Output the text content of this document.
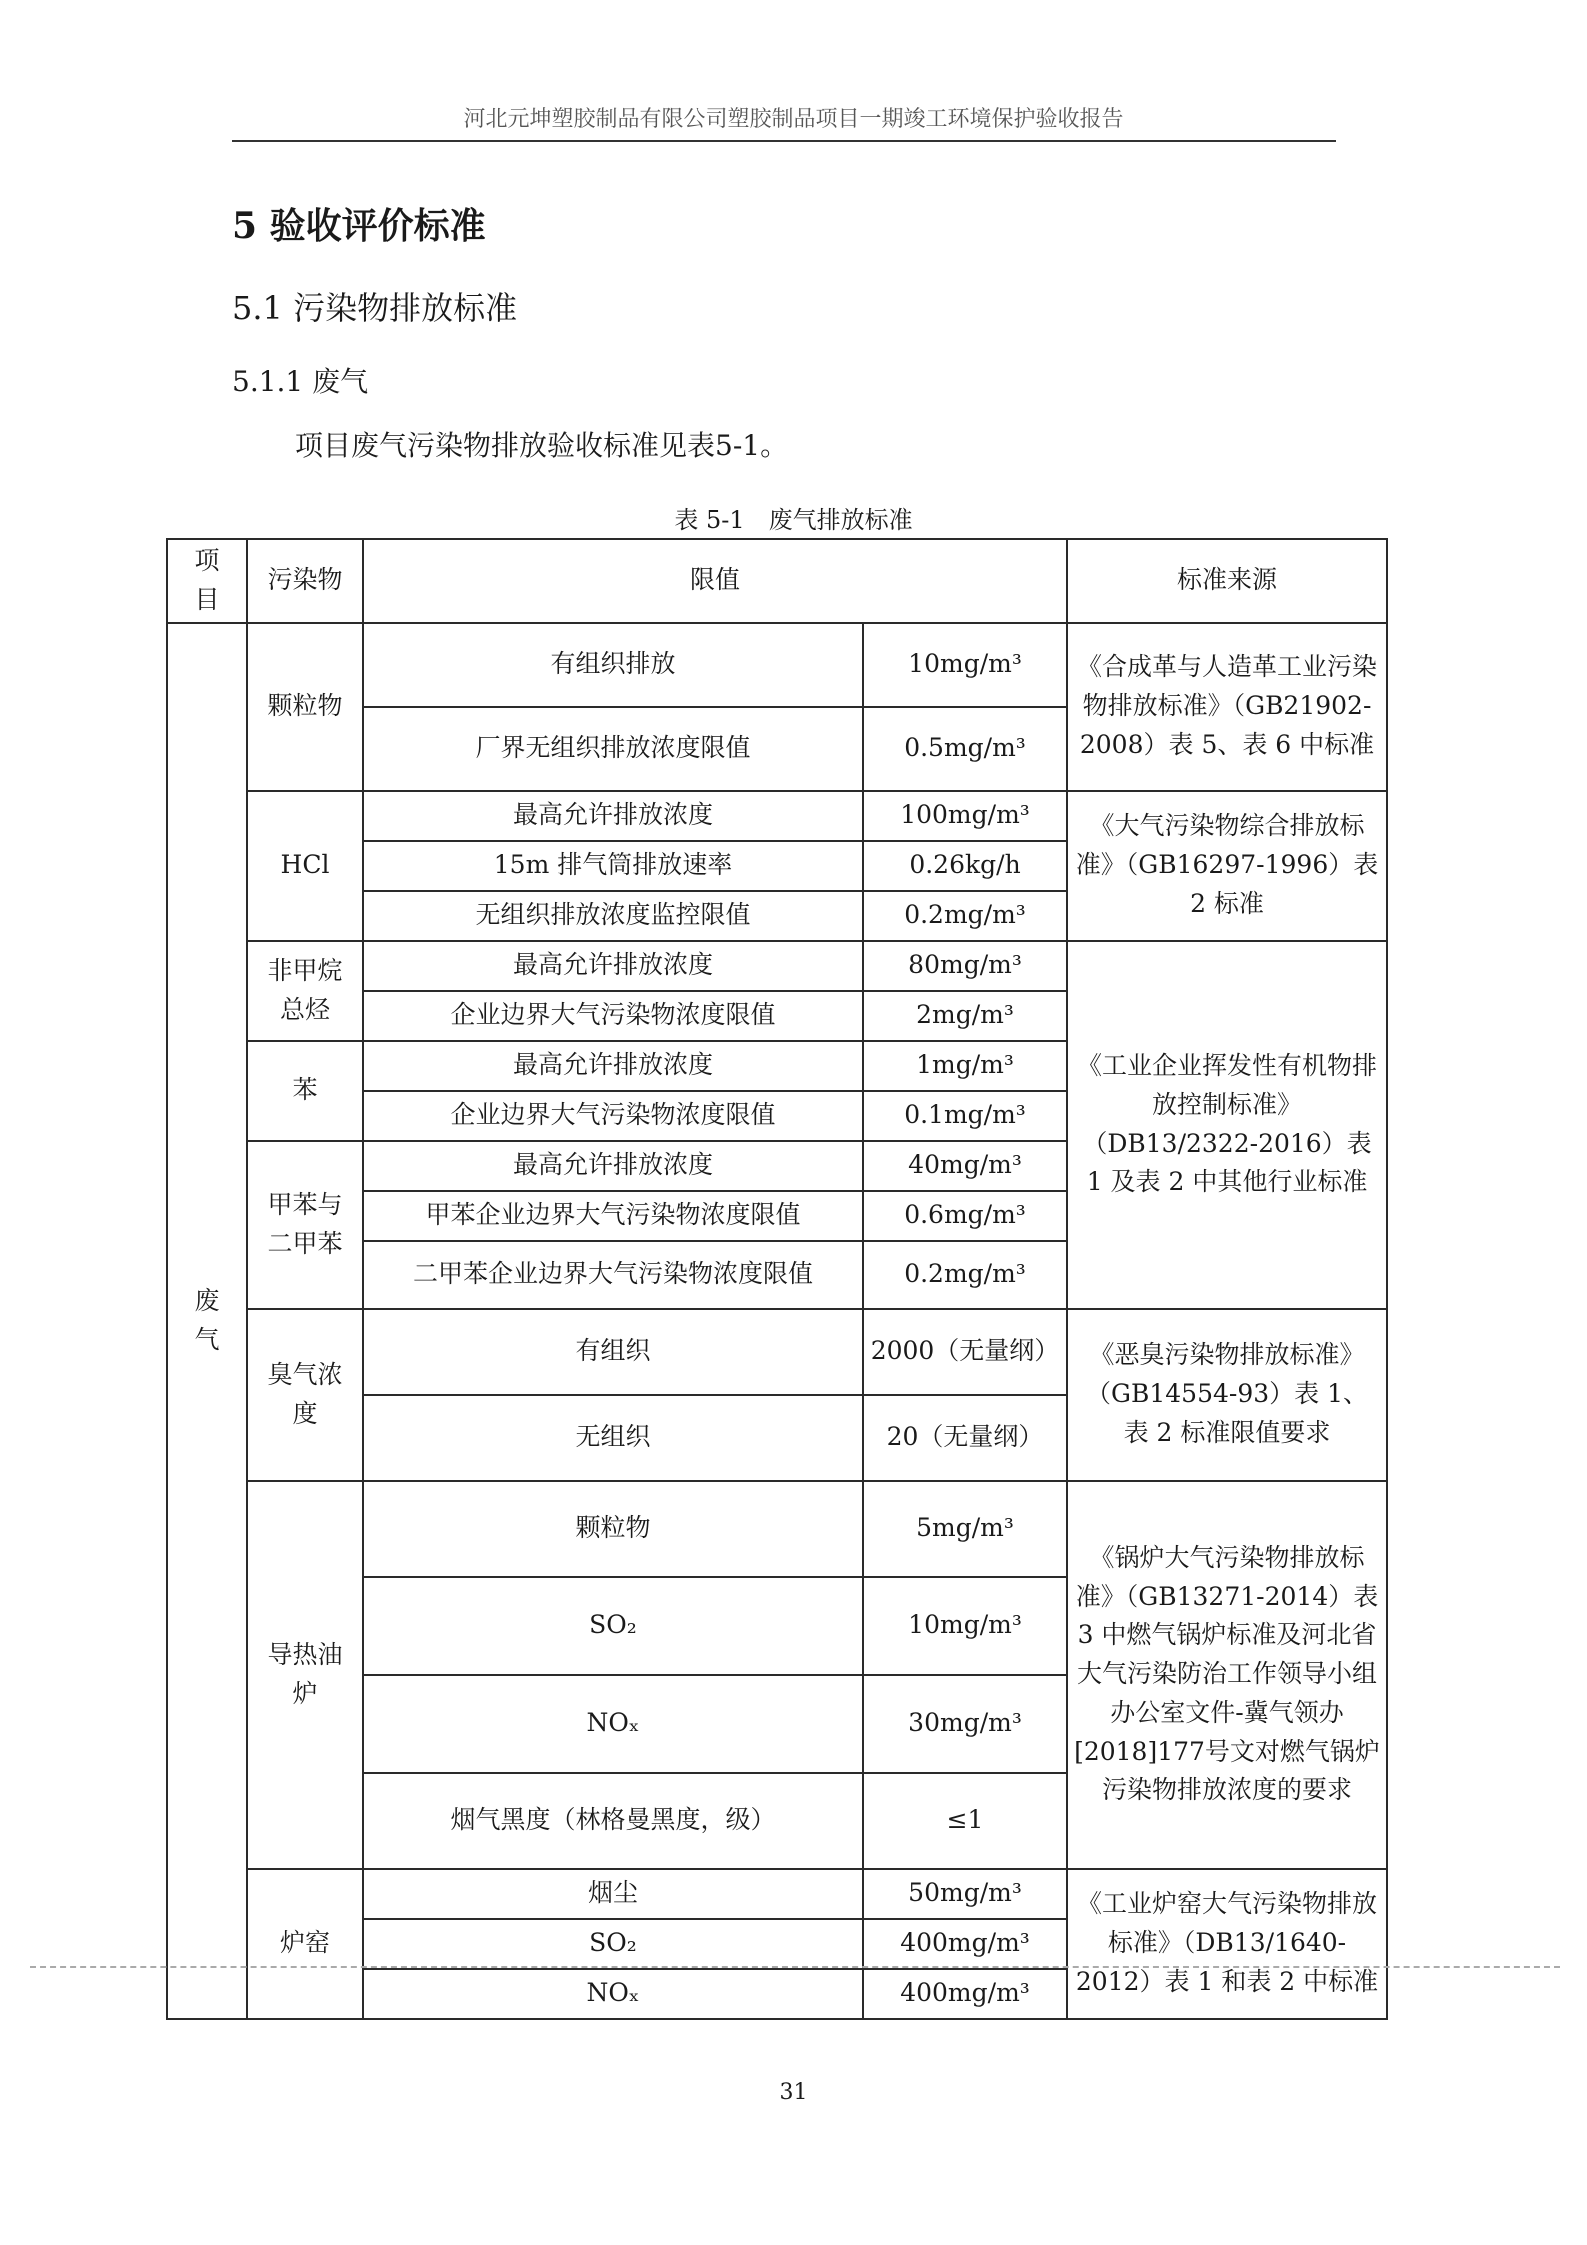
河北元坤塑胶制品有限公司塑胶制品项目一期竣工环境保护验收报告
5 验收评价标准
5.1 污染物排放标准
5.1.1 废气
项目废气污染物排放验收标准见表5-1。
表 5-1　废气排放标准
项
目	污染物	限值		标准来源

废
气	颗粒物	有组织排放	10mg/m³	《合成革与人造革工业污染物排放标准》（GB21902-2008）表 5、表 6 中标准
		厂界无组织排放浓度限值	0.5mg/m³	
	HCl	最高允许排放浓度	100mg/m³	《大气污染物综合排放标准》（GB16297-1996）表 2 标准
		15m 排气筒排放速率	0.26kg/h	
		无组织排放浓度监控限值	0.2mg/m³	

	非甲烷
总烃	最高允许排放浓度	80mg/m³	《工业企业挥发性有机物排放控制标准》（DB13/2322-2016）表 1 及表 2 中其他行业标准
		企业边界大气污染物浓度限值	2mg/m³	
	苯	最高允许排放浓度	1mg/m³	
		企业边界大气污染物浓度限值	0.1mg/m³	

	甲苯与
二甲苯	最高允许排放浓度	40mg/m³	
		甲苯企业边界大气污染物浓度限值	0.6mg/m³	
		二甲苯企业边界大气污染物浓度限值	0.2mg/m³	

	臭气浓
度	有组织	2000（无量纲）	《恶臭污染物排放标准》（GB14554-93）表 1、表 2 标准限值要求
		无组织	20（无量纲）	

	导热油
炉	颗粒物	5mg/m³	《锅炉大气污染物排放标准》（GB13271-2014）表 3 中燃气锅炉标准及河北省大气污染防治工作领导小组办公室文件-冀气领办[2018]177号文对燃气锅炉污染物排放浓度的要求
		SO₂	10mg/m³	
		NOₓ	30mg/m³	
		烟气黑度（林格曼黑度，级）	≤1	
	炉窑	烟尘	50mg/m³	《工业炉窑大气污染物排放标准》（DB13/1640-2012）表 1 和表 2 中标准
		SO₂	400mg/m³	
		NOₓ	400mg/m³	
31
